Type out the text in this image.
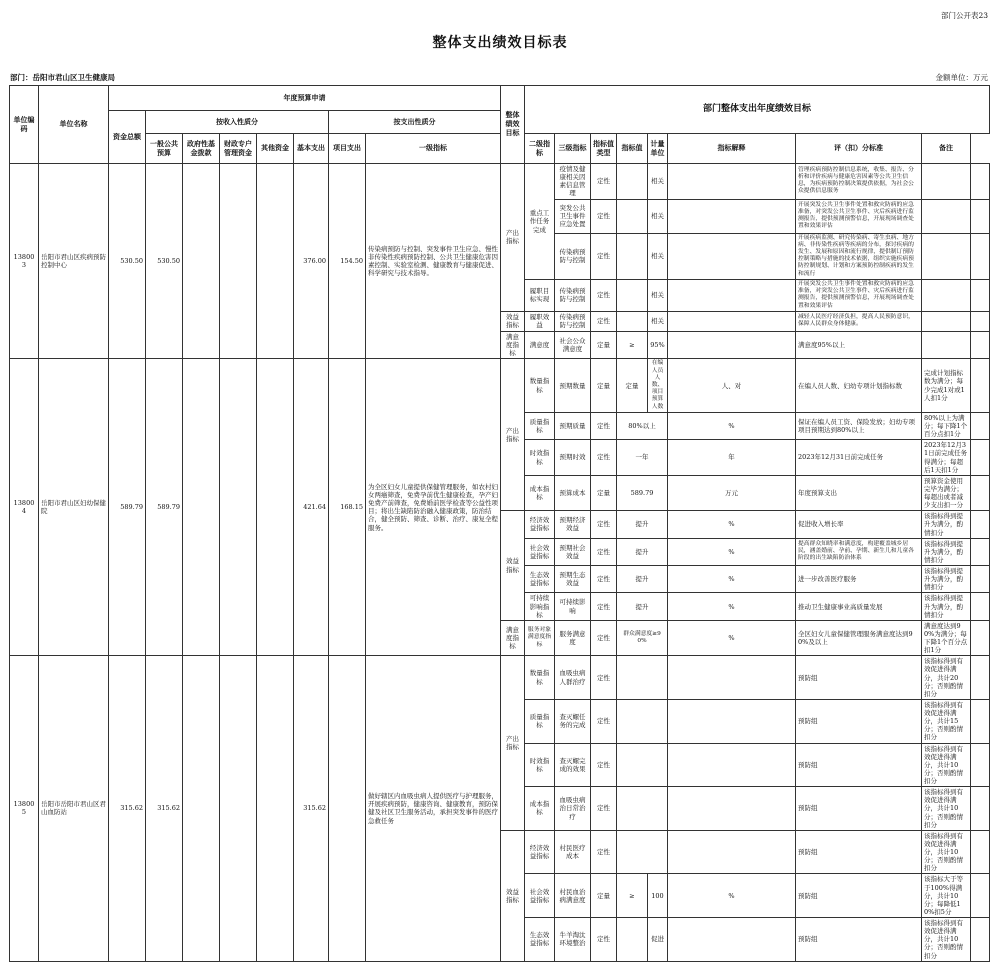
部门公开表23
整体支出绩效目标表
部门：岳阳市君山区卫生健康局	金额单位：万元
单位编码	单位名称	年度预算申请								整体绩效目标	部门整体支出年度绩效目标								
		资金总额	按收入性质分					按支出性质分											
			一般公共预算	政府性基金拨款	财政专户管理资金	其他资金	基本支出	项目支出	一级指标		二级指标	三级指标	指标值类型	指标值	计量单位	指标解释	评（扣）分标准	备注	
138003	岳阳市君山区疾病预防控制中心	530.50	530.50				376.00	154.50	传染病预防与控制、突发事件卫生应急、慢性非传染性疾病预防控制、公共卫生健康危害因素控制、实验室检测、健康教育与健康促进、科学研究与技术指导。	产出指标	重点工作任务完成	疫情及健康相关因素信息管理	定性		相关		管理疾病预防控制信息系统，收集、报告、分析和评价疾病与健康危害因素等公共卫生信息，为疾病预防控制决策提供依据，为社会公众提供信息服务		
												突发公共卫生事件应急处置	定性		相关		开展突发公共卫生事件处置和救灾防病的应急准备，对突发公共卫生事件、灾后疾病进行监测报告，提供预测预警信息，开展现场调查处置和效果评估		
												传染病预防与控制	定性		相关		开展疾病监测、研究传染病、寄生虫病、地方病、非传染性疾病等疾病的分布，探讨疾病的发生、发展和原因和流行规律，提供制订预防控制策略与措施的技术依据，组织实施疾病预防控制规划、计划和方案预防控制疾病的发生和流行		
											履职目标实现	传染病预防与控制	定性		相关		开展突发公共卫生事件处置和救灾防病的应急准备，对突发公共卫生事件、灾后疾病进行监测报告，提供预测预警信息，开展现场调查处置和效果评估		
										效益指标	履职效益	传染病预防与控制	定性		相关		减轻人民医疗经济负担，提高人民预防意识，保障人民群众身体健康。		
										满意度指标	满意度	社会公众满意度	定量	≥	95%		满意度95%以上		
138004	岳阳市君山区妇幼保健院	589.79	589.79				421.64	168.15	为全区妇女儿童提供保健管理服务，如农村妇女两癌筛查，免费孕前优生健康检查，孕产妇免费产前筛查，免费婚前医学检查等公益性项目；将出生缺陷防治融入健康政策，防治结合，健全预防、筛查、诊断、治疗、康复全程服务。	产出指标	数量指标	预期数量	定量	定量	在编人员人数、项目预算人数	人、对	在编人员人数、妇幼专项计划指标数	完成计划指标数为满分；每少完成1对或1人扣1分	
											质量指标	预期质量	定性	80%以上		%	保证在编人员工资、保险发放；妇幼专项项目预期达到80%以上	80%以上为满分；每下降1个百分点扣1分	
											时效指标	预期时效	定性	一年		年	2023年12月31日前完成任务	2023年12月31日前完成任务得满分；每超后1天扣1分	
											成本指标	预算成本	定量	589.79		万元	年度预算支出	预算资金使用完毕为满分；每超出或者减少支出扣一分	
										效益指标	经济效益指标	预期经济效益	定性	提升		%	促进收入增长率	该指标得到提升为满分，酌情扣分	
											社会效益指标	预期社会效益	定性	提升		%	提高群众知晓率和满意度，构建覆盖城乡居民，涵盖婚前、孕前、孕期、新生儿和儿童各阶段的出生缺陷防治体系	该指标得到提升为满分，酌情扣分	
											生态效益指标	预期生态效益	定性	提升		%	进一步改善医疗服务	该指标得到提升为满分，酌情扣分	
											可持续影响指标	可持续影响	定性	提升		%	推动卫生健康事业高质量发展	该指标得到提升为满分，酌情扣分	
										满意度指标	服务对象满意度指标	服务满意度	定性	群众满意度≥90%		%	全区妇女儿童保健管理服务满意度达到90%及以上	满意度达到90%为满分；每下降1个百分点扣1分	
138005	岳阳市岳阳市君山区君山血防站	315.62	315.62				315.62		做好辖区内血吸虫病人提供医疗与护理服务，开展疾病预防，健康咨询、健康教育，预防保健及社区卫生服务活动，承担突发事件的医疗急救任务	产出指标	数量指标	血吸虫病人群治疗	定性				预防组	该指标得到有效促进得满分，共计20分；否则酌情扣分	
											质量指标	查灭螺任务的完成	定性				预防组	该指标得到有效促进得满分，共计15分；否则酌情扣分	
											时效指标	查灭螺完成的效果	定性				预防组	该指标得到有效促进得满分，共计10分；否则酌情扣分	
											成本指标	血吸虫病治日常治疗	定性				预防组	该指标得到有效促进得满分，共计10分；否则酌情扣分	
										效益指标	经济效益指标	村民医疗成本	定性				预防组	该指标得到有效促进得满分，共计10分；否则酌情扣分	
											社会效益指标	村民血治病满意度	定量	≥	100	%	预防组	该指标大于等于100%得满分，共计10分；每降低10%扣5分	
											生态效益指标	牛羊淘汰环境整治	定性		促进		预防组	该指标得到有效促进得满分，共计10分；否则酌情扣分	
